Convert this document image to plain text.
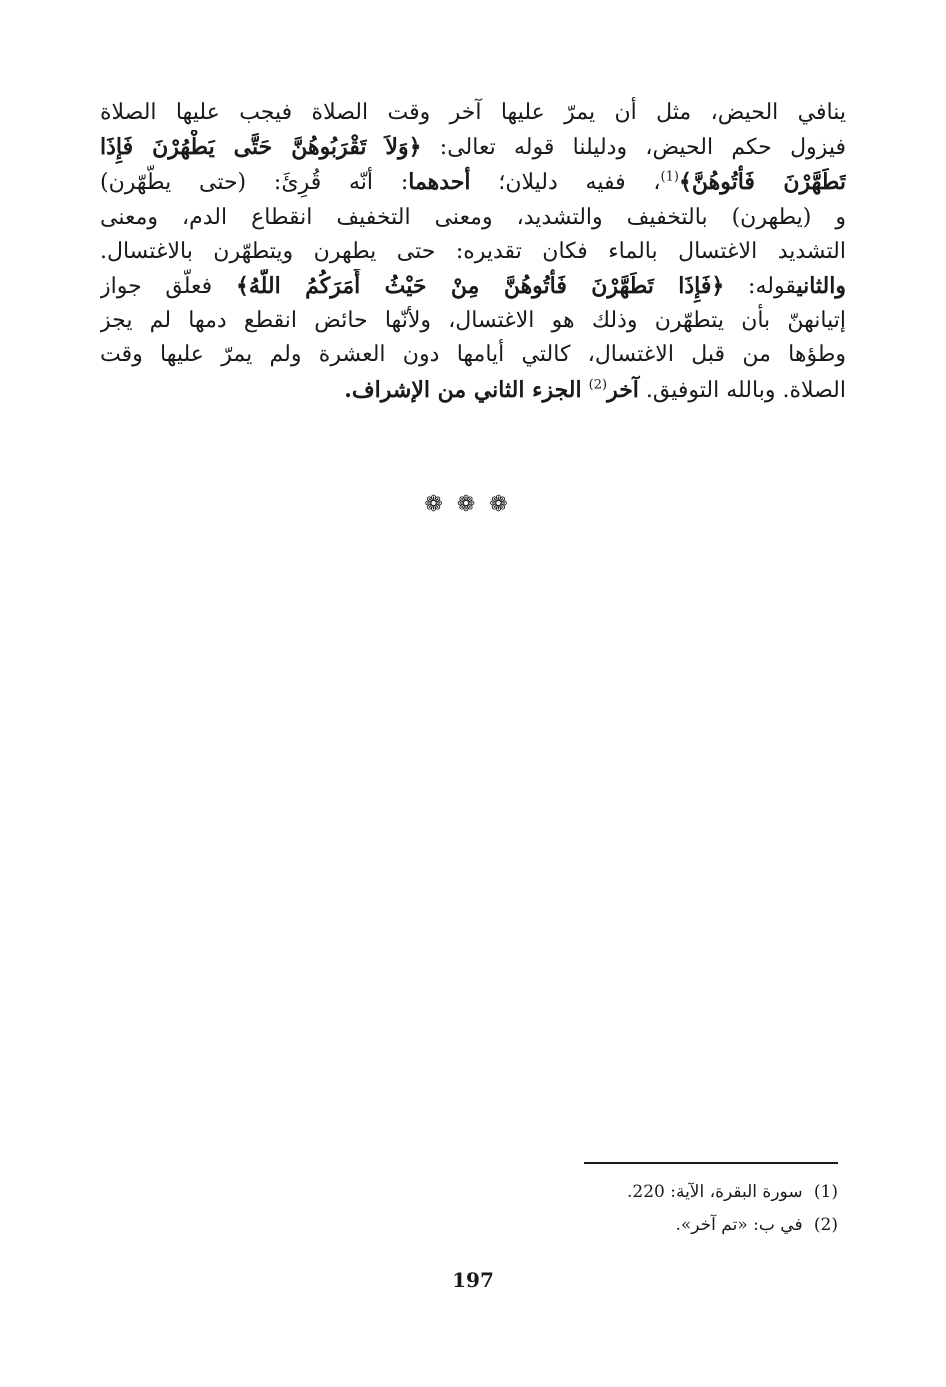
ينافي الحيض، مثل أن يمرّ عليها آخر وقت الصلاة فيجب عليها الصلاة
فيزول حكم الحيض، ودليلنا قوله تعالى: ﴿وَلاَ تَقْرَبُوهُنَّ حَتَّى يَطْهُرْنَ فَإِذَا
تَطَهَّرْنَ فَأْتُوهُنَّ﴾$^{(1)}$، ففيه دليلان؛ أحدهما: أنّه قُرِئَ: (حتى يطّهّرن)
و (يطهرن) بالتخفيف والتشديد، ومعنى التخفيف انقطاع الدم، ومعنى
التشديد الاغتسال بالماء فكان تقديره: حتى يطهرن ويتطهّرن بالاغتسال.
والثانيقوله: ﴿فَإِذَا تَطَهَّرْنَ فَأْتُوهُنَّ مِنْ حَيْثُ أَمَرَكُمُ اللَّهُ﴾ فعلّق جواز
إتيانهنّ بأن يتطهّرن وذلك هو الاغتسال، ولأنّها حائض انقطع دمها لم يجز
وطؤها من قبل الاغتسال، كالتي أيامها دون العشرة ولم يمرّ عليها وقت
الصلاة. وبالله التوفيق. آخر$^{(2)}$ الجزء الثاني من الإشراف.
❁❁❁
(1) سورة البقرة، الآية: 220.
(2) في ب: «تم آخر».
197
